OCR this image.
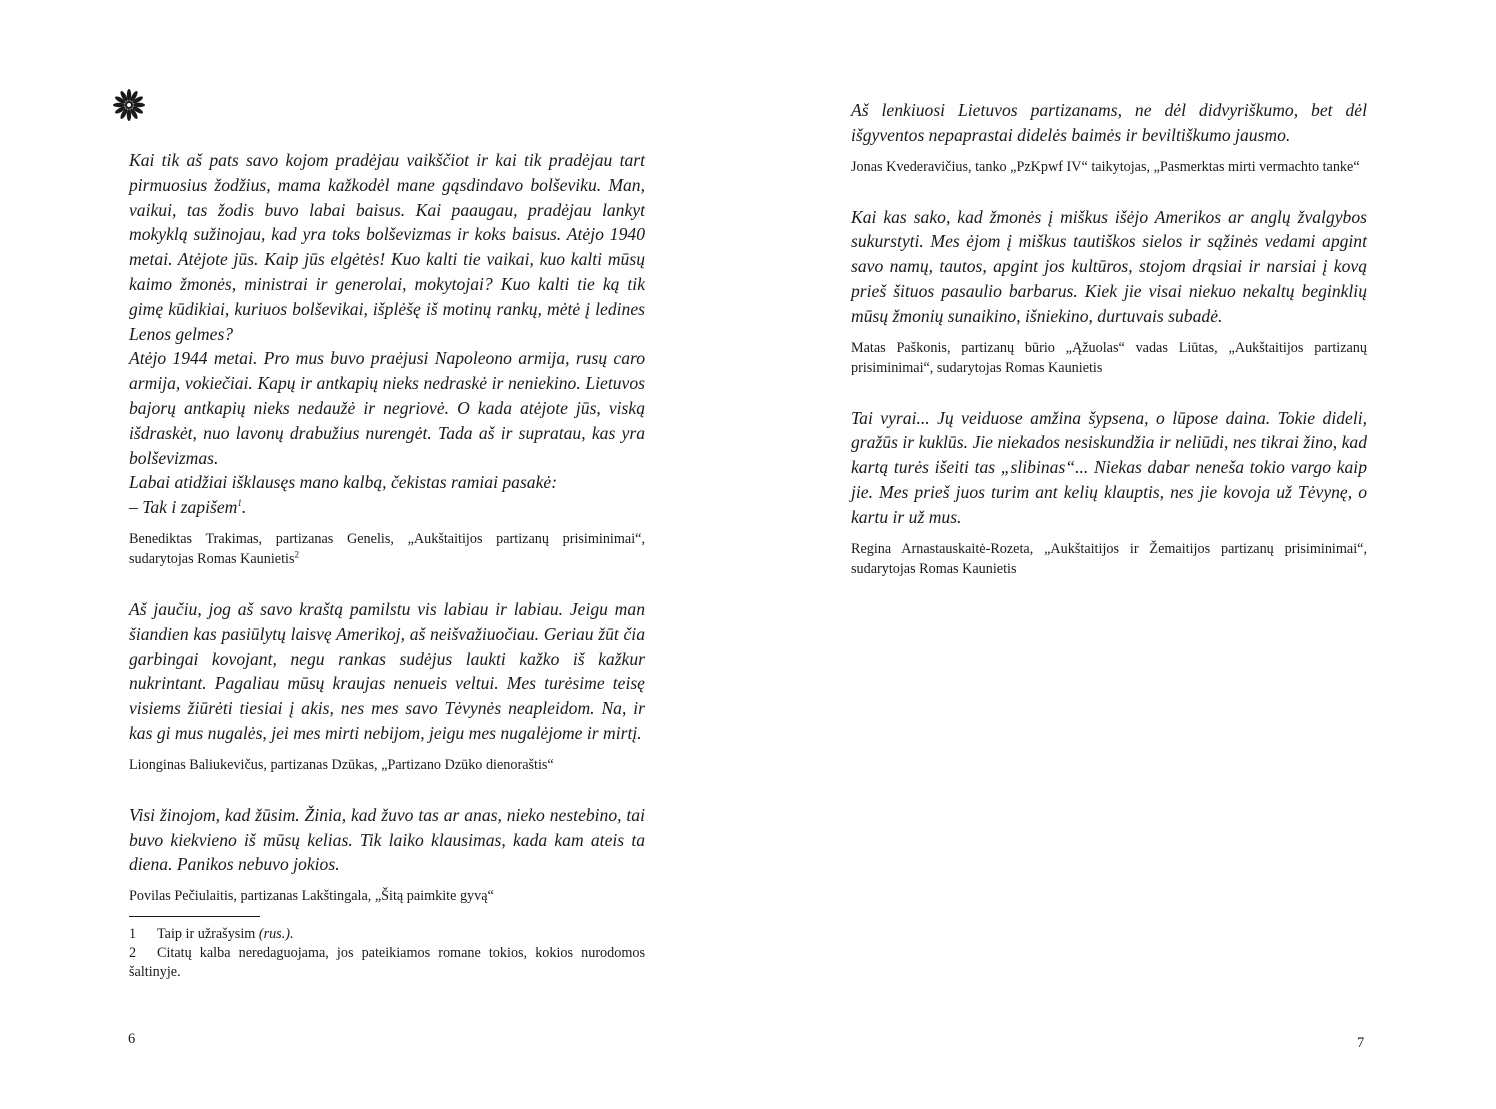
Kai tik aš pats savo kojom pradėjau vaikščiot ir kai tik pradėjau tart pirmuosius žodžius, mama kažkodėl mane gąsdindavo bolševiku. Man, vaikui, tas žodis buvo labai baisus. Kai paaugau, pradėjau lankyt mokyklą sužinojau, kad yra toks bolševizmas ir koks baisus. Atėjo 1940 metai. Atėjote jūs. Kaip jūs elgėtės! Kuo kalti tie vaikai, kuo kalti mūsų kaimo žmonės, ministrai ir generolai, mokytojai? Kuo kalti tie ką tik gimę kūdikiai, kuriuos bolševikai, išplėšę iš motinų rankų, mėtė į ledines Lenos gelmes?
Atėjo 1944 metai. Pro mus buvo praėjusi Napoleono armija, rusų caro armija, vokiečiai. Kapų ir antkapių nieks nedraskė ir neniekino. Lietuvos bajorų antkapių nieks nedaužė ir negriovė. O kada atėjote jūs, viską išdraskėt, nuo lavonų drabužius nurengėt. Tada aš ir supratau, kas yra bolševizmas.
Labai atidžiai išklausęs mano kalbą, čekistas ramiai pasakė:
– Tak i zapišem$^1$.

Benediktas Trakimas, partizanas Genelis, „Aukštaitijos partizanų prisiminimai“, sudarytojas Romas Kaunietis$^2$

Aš jaučiu, jog aš savo kraštą pamilstu vis labiau ir labiau. Jeigu man šiandien kas pasiūlytų laisvę Amerikoj, aš neišvažiuočiau. Geriau žūt čia garbingai kovojant, negu rankas sudėjus laukti kažko iš kažkur nukrintant. Pagaliau mūsų kraujas nenueis veltui. Mes turėsime teisę visiems žiūrėti tiesiai į akis, nes mes savo Tėvynės neapleidom. Na, ir kas gi mus nugalės, jei mes mirti nebijom, jeigu mes nugalėjome ir mirtį.

Lionginas Baliukevičus, partizanas Dzūkas, „Partizano Dzūko dienoraštis“

Visi žinojom, kad žūsim. Žinia, kad žuvo tas ar anas, nieko nestebino, tai buvo kiekvieno iš mūsų kelias. Tik laiko klausimas, kada kam ateis ta diena. Panikos nebuvo jokios.

Povilas Pečiulaitis, partizanas Lakštingala, „Šitą paimkite gyvą“

1 Taip ir užrašysim (rus.).
2 Citatų kalba neredaguojama, jos pateikiamos romane tokios, kokios nurodomos šaltinyje.
6

Aš lenkiuosi Lietuvos partizanams, ne dėl didvyriškumo, bet dėl išgyventos nepaprastai didelės baimės ir beviltiškumo jausmo.

Jonas Kvederavičius, tanko „PzKpwf IV“ taikytojas, „Pasmerktas mirti vermachto tanke“

Kai kas sako, kad žmonės į miškus išėjo Amerikos ar anglų žvalgybos sukurstyti. Mes ėjom į miškus tautiškos sielos ir sąžinės vedami apgint savo namų, tautos, apgint jos kultūros, stojom drąsiai ir narsiai į kovą prieš šituos pasaulio barbarus. Kiek jie visai niekuo nekaltų beginklių mūsų žmonių sunaikino, išniekino, durtuvais subadė.

Matas Paškonis, partizanų būrio „Ąžuolas“ vadas Liūtas, „Aukštaitijos partizanų prisiminimai“, sudarytojas Romas Kaunietis

Tai vyrai... Jų veiduose amžina šypsena, o lūpose daina. Tokie dideli, gražūs ir kuklūs. Jie niekados nesiskundžia ir neliūdi, nes tikrai žino, kad kartą turės išeiti tas „slibinas“... Niekas dabar neneša tokio vargo kaip jie. Mes prieš juos turim ant kelių klauptis, nes jie kovoja už Tėvynę, o kartu ir už mus.

Regina Arnastauskaitė-Rozeta, „Aukštaitijos ir Žemaitijos partizanų prisiminimai“, sudarytojas Romas Kaunietis

7
